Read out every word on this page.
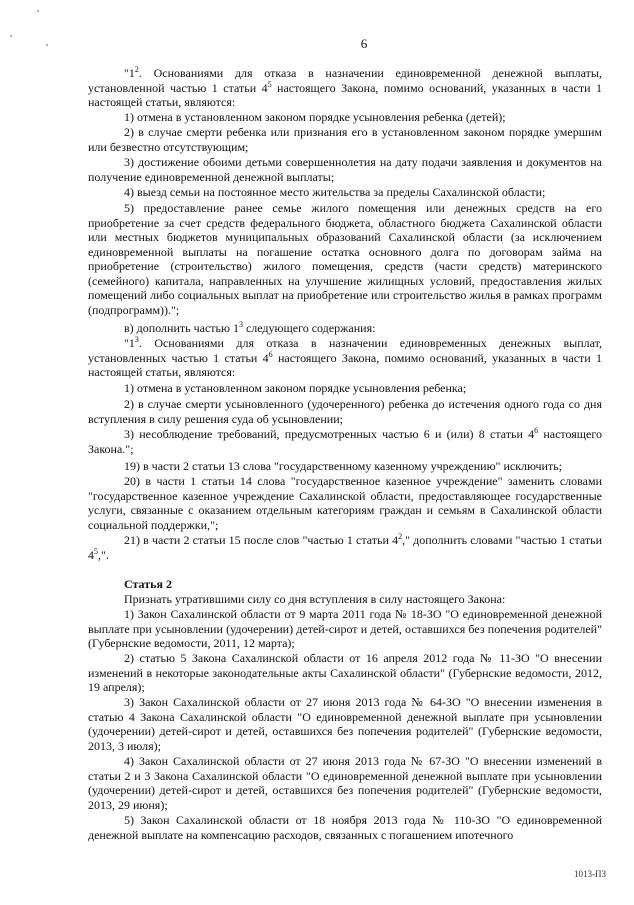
6

"$1^2$. Основаниями для отказа в назначении единовременной денежной выплаты, установленной частью 1 статьи $4^5$ настоящего Закона, помимо оснований, указанных в части 1 настоящей статьи, являются:

1) отмена в установленном законом порядке усыновления ребенка (детей);

2) в случае смерти ребенка или признания его в установленном законом порядке умершим или безвестно отсутствующим;

3) достижение обоими детьми совершеннолетия на дату подачи заявления и документов на получение единовременной денежной выплаты;

4) выезд семьи на постоянное место жительства за пределы Сахалинской области;

5) предоставление ранее семье жилого помещения или денежных средств на его приобретение за счет средств федерального бюджета, областного бюджета Сахалинской области или местных бюджетов муниципальных образований Сахалинской области (за исключением единовременной выплаты на погашение остатка основного долга по договорам займа на приобретение (строительство) жилого помещения, средств (части средств) материнского (семейного) капитала, направленных на улучшение жилищных условий, предоставления жилых помещений либо социальных выплат на приобретение или строительство жилья в рамках программ (подпрограмм)).";

в) дополнить частью $1^3$ следующего содержания:

"$1^3$. Основаниями для отказа в назначении единовременных денежных выплат, установленных частью 1 статьи $4^6$ настоящего Закона, помимо оснований, указанных в части 1 настоящей статьи, являются:

1) отмена в установленном законом порядке усыновления ребенка;

2) в случае смерти усыновленного (удочеренного) ребенка до истечения одного года со дня вступления в силу решения суда об усыновлении;

3) несоблюдение требований, предусмотренных частью 6 и (или) 8 статьи $4^6$ настоящего Закона.";

19) в части 2 статьи 13 слова "государственному казенному учреждению" исключить;

20) в части 1 статьи 14 слова "государственное казенное учреждение" заменить словами "государственное казенное учреждение Сахалинской области, предоставляющее государственные услуги, связанные с оказанием отдельным категориям граждан и семьям в Сахалинской области социальной поддержки,";

21) в части 2 статьи 15 после слов "частью 1 статьи $4^2$," дополнить словами "частью 1 статьи $4^5$,".

Статья 2

Признать утратившими силу со дня вступления в силу настоящего Закона:

1) Закон Сахалинской области от 9 марта 2011 года № 18-ЗО "О единовременной денежной выплате при усыновлении (удочерении) детей-сирот и детей, оставшихся без попечения родителей" (Губернские ведомости, 2011, 12 марта);

2) статью 5 Закона Сахалинской области от 16 апреля 2012 года № 11-ЗО "О внесении изменений в некоторые законодательные акты Сахалинской области" (Губернские ведомости, 2012, 19 апреля);

3) Закон Сахалинской области от 27 июня 2013 года № 64-ЗО "О внесении изменения в статью 4 Закона Сахалинской области "О единовременной денежной выплате при усыновлении (удочерении) детей-сирот и детей, оставшихся без попечения родителей" (Губернские ведомости, 2013, 3 июля);

4) Закон Сахалинской области от 27 июня 2013 года № 67-ЗО "О внесении изменений в статьи 2 и 3 Закона Сахалинской области "О единовременной денежной выплате при усыновлении (удочерении) детей-сирот и детей, оставшихся без попечения родителей" (Губернские ведомости, 2013, 29 июня);

5) Закон Сахалинской области от 18 ноября 2013 года № 110-ЗО "О единовременной денежной выплате на компенсацию расходов, связанных с погашением ипотечного

1013-ПЗ
